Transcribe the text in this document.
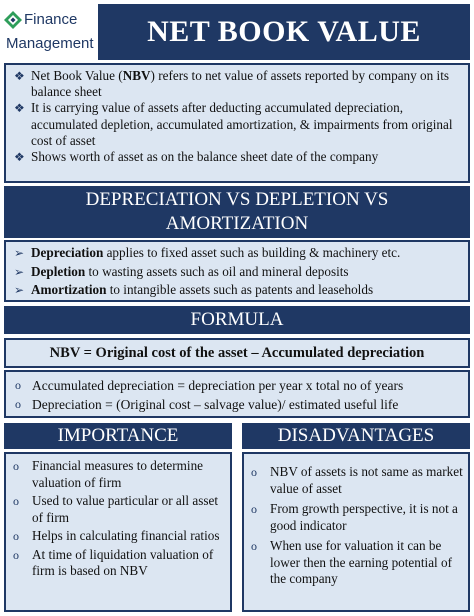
Finance
Management	NET BOOK VALUE
❖ Net Book Value (NBV) refers to net value of assets reported by company on its balance sheet
❖ It is carrying value of assets after deducting accumulated depreciation, accumulated depletion, accumulated amortization, & impairments from original cost of asset
❖ Shows worth of asset as on the balance sheet date of the company
DEPRECIATION VS DEPLETION VS
AMORTIZATION
➢ Depreciation applies to fixed asset such as building & machinery etc.
➢ Depletion to wasting assets such as oil and mineral deposits
➢ Amortization to intangible assets such as patents and leaseholds
FORMULA
NBV = Original cost of the asset – Accumulated depreciation
o Accumulated depreciation = depreciation per year x total no of years
o Depreciation = (Original cost – salvage value)/ estimated useful life
IMPORTANCE
o Financial measures to determine valuation of firm
o Used to value particular or all asset of firm
o Helps in calculating financial ratios
o At time of liquidation valuation of firm is based on NBV
DISADVANTAGES
o NBV of assets is not same as market value of asset
o From growth perspective, it is not a good indicator
o When use for valuation it can be lower then the earning potential of the company
